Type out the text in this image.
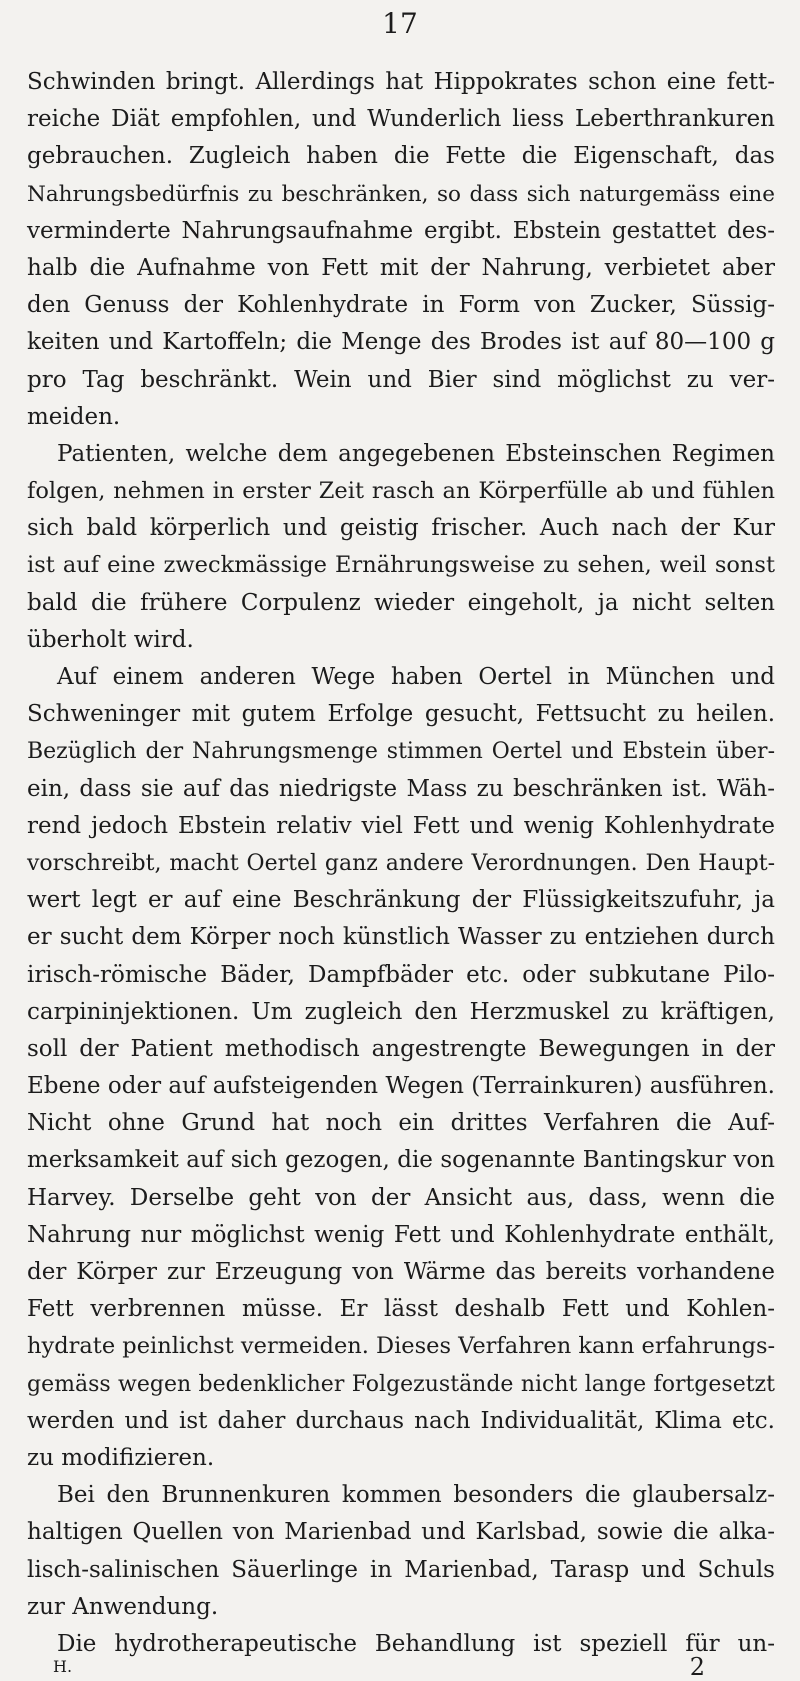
17
Schwinden bringt. Allerdings hat Hippokrates schon eine fett-
reiche Diät empfohlen, und Wunderlich liess Leberthrankuren
gebrauchen. Zugleich haben die Fette die Eigenschaft, das
Nahrungsbedürfnis zu beschränken, so dass sich naturgemäss eine
verminderte Nahrungsaufnahme ergibt. Ebstein gestattet des-
halb die Aufnahme von Fett mit der Nahrung, verbietet aber
den Genuss der Kohlenhydrate in Form von Zucker, Süssig-
keiten und Kartoffeln; die Menge des Brodes ist auf 80—100 g
pro Tag beschränkt. Wein und Bier sind möglichst zu ver-
meiden.
Patienten, welche dem angegebenen Ebsteinschen Regimen
folgen, nehmen in erster Zeit rasch an Körperfülle ab und fühlen
sich bald körperlich und geistig frischer. Auch nach der Kur
ist auf eine zweckmässige Ernährungsweise zu sehen, weil sonst
bald die frühere Corpulenz wieder eingeholt, ja nicht selten
überholt wird.
Auf einem anderen Wege haben Oertel in München und
Schweninger mit gutem Erfolge gesucht, Fettsucht zu heilen.
Bezüglich der Nahrungsmenge stimmen Oertel und Ebstein über-
ein, dass sie auf das niedrigste Mass zu beschränken ist. Wäh-
rend jedoch Ebstein relativ viel Fett und wenig Kohlenhydrate
vorschreibt, macht Oertel ganz andere Verordnungen. Den Haupt-
wert legt er auf eine Beschränkung der Flüssigkeitszufuhr, ja
er sucht dem Körper noch künstlich Wasser zu entziehen durch
irisch-römische Bäder, Dampfbäder etc. oder subkutane Pilo-
carpininjektionen. Um zugleich den Herzmuskel zu kräftigen,
soll der Patient methodisch angestrengte Bewegungen in der
Ebene oder auf aufsteigenden Wegen (Terrainkuren) ausführen.
Nicht ohne Grund hat noch ein drittes Verfahren die Auf-
merksamkeit auf sich gezogen, die sogenannte Bantingskur von
Harvey. Derselbe geht von der Ansicht aus, dass, wenn die
Nahrung nur möglichst wenig Fett und Kohlenhydrate enthält,
der Körper zur Erzeugung von Wärme das bereits vorhandene
Fett verbrennen müsse. Er lässt deshalb Fett und Kohlen-
hydrate peinlichst vermeiden. Dieses Verfahren kann erfahrungs-
gemäss wegen bedenklicher Folgezustände nicht lange fortgesetzt
werden und ist daher durchaus nach Individualität, Klima etc.
zu modifizieren.
Bei den Brunnenkuren kommen besonders die glaubersalz-
haltigen Quellen von Marienbad und Karlsbad, sowie die alka-
lisch-salinischen Säuerlinge in Marienbad, Tarasp und Schuls
zur Anwendung.
Die hydrotherapeutische Behandlung ist speziell für un-
H.	2
